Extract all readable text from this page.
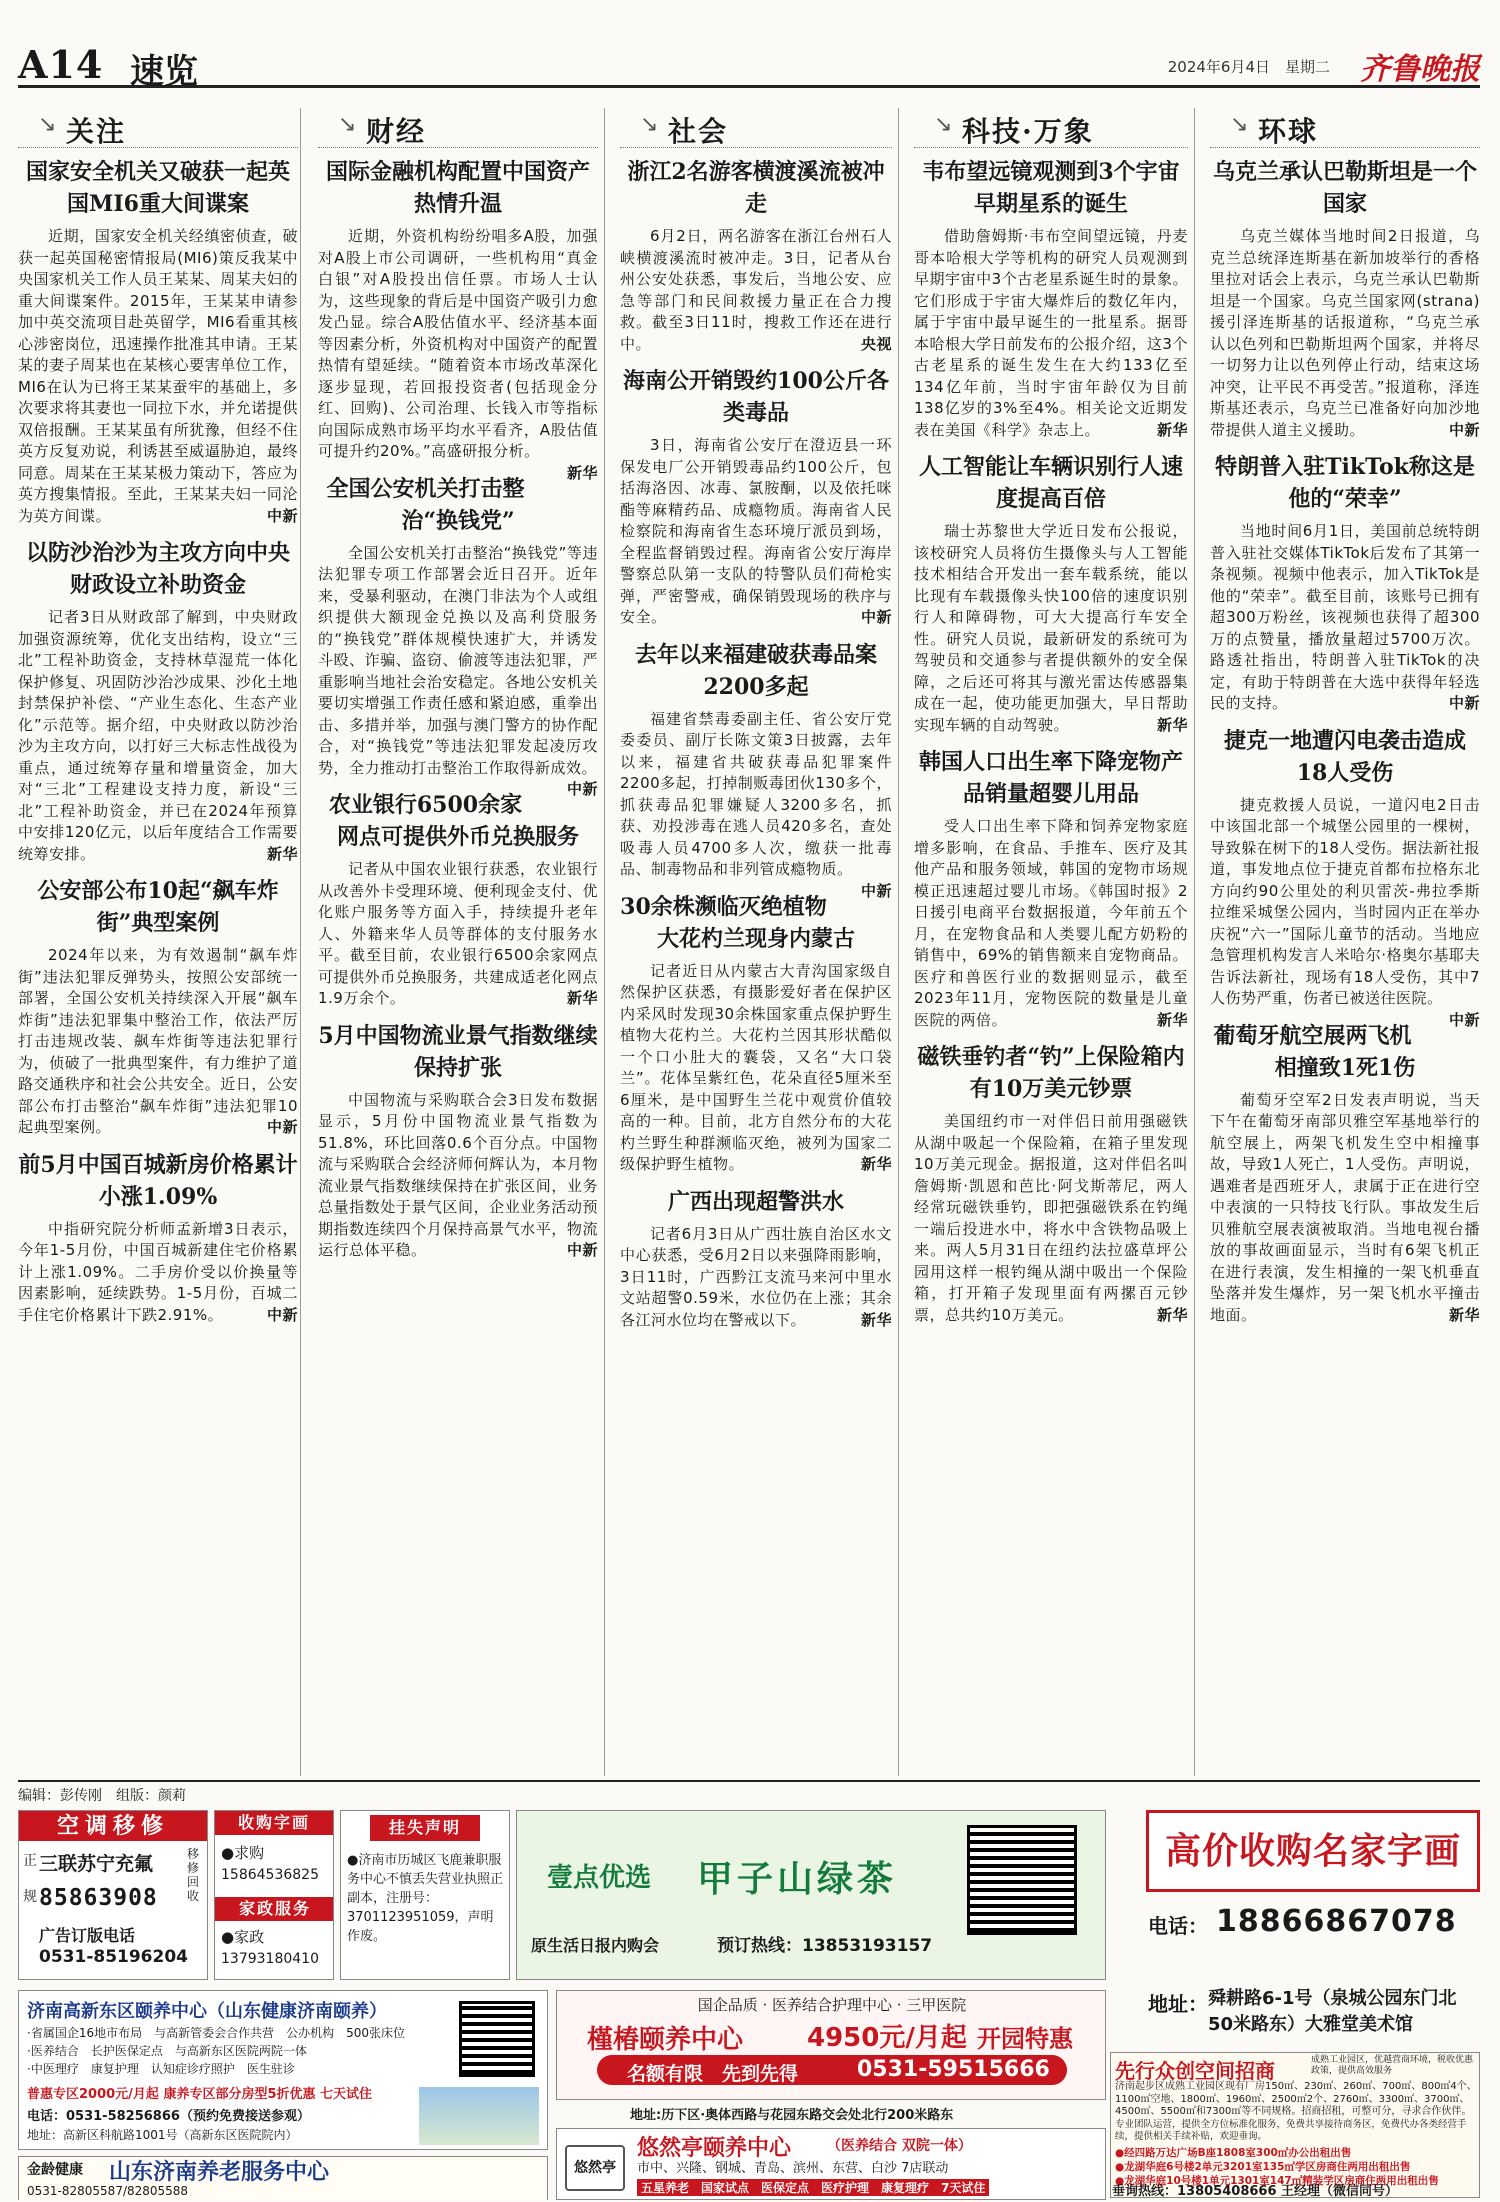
A14 速览	2024年6月4日　星期二 齐鲁晚报
↘ 关注
国家安全机关又破获一起英国MI6重大间谍案

近期，国家安全机关经缜密侦查，破获一起英国秘密情报局(MI6)策反我某中央国家机关工作人员王某某、周某夫妇的重大间谍案件。2015年，王某某申请参加中英交流项目赴英留学，MI6看重其核心涉密岗位，迅速操作批准其申请。王某某的妻子周某也在某核心要害单位工作，MI6在认为已将王某某蚕牢的基础上，多次要求将其妻也一同拉下水，并允诺提供双倍报酬。王某某虽有所犹豫，但经不住英方反复劝说，利诱甚至威逼胁迫，最终同意。周某在王某某极力策动下，答应为英方搜集情报。至此，王某某夫妇一同沦为英方间谍。	中新

以防沙治沙为主攻方向中央财政设立补助资金

记者3日从财政部了解到，中央财政加强资源统筹，优化支出结构，设立“三北”工程补助资金，支持林草湿荒一体化保护修复、巩固防沙治沙成果、沙化土地封禁保护补偿、“产业生态化、生态产业化”示范等。据介绍，中央财政以防沙治沙为主攻方向，以打好三大标志性战役为重点，通过统筹存量和增量资金，加大对“三北”工程建设支持力度，新设“三北”工程补助资金，并已在2024年预算中安排120亿元，以后年度结合工作需要统筹安排。	新华

公安部公布10起“飙车炸街”典型案例

2024年以来，为有效遏制“飙车炸街”违法犯罪反弹势头，按照公安部统一部署，全国公安机关持续深入开展“飙车炸街”违法犯罪集中整治工作，依法严厉打击违规改装、飙车炸街等违法犯罪行为，侦破了一批典型案件，有力维护了道路交通秩序和社会公共安全。近日，公安部公布打击整治“飙车炸街”违法犯罪10起典型案例。	中新

前5月中国百城新房价格累计小涨1.09%

中指研究院分析师孟新增3日表示，今年1-5月份，中国百城新建住宅价格累计上涨1.09%。二手房价受以价换量等因素影响，延续跌势。1-5月份，百城二手住宅价格累计下跌2.91%。	中新

↘ 财经
国际金融机构配置中国资产热情升温

近期，外资机构纷纷唱多A股，加强对A股上市公司调研，一些机构用“真金白银”对A股投出信任票。市场人士认为，这些现象的背后是中国资产吸引力愈发凸显。综合A股估值水平、经济基本面等因素分析，外资机构对中国资产的配置热情有望延续。“随着资本市场改革深化逐步显现，若回报投资者(包括现金分红、回购)、公司治理、长钱入市等指标向国际成熟市场平均水平看齐，A股估值可提升约20%。”高盛研报分析。
新华

全国公安机关打击整治“换钱党”

全国公安机关打击整治“换钱党”等违法犯罪专项工作部署会近日召开。近年来，受暴利驱动，在澳门非法为个人或组织提供大额现金兑换以及高利贷服务的“换钱党”群体规模快速扩大，并诱发斗殴、诈骗、盗窃、偷渡等违法犯罪，严重影响当地社会治安稳定。各地公安机关要切实增强工作责任感和紧迫感，重拳出击、多措并举，加强与澳门警方的协作配合，对“换钱党”等违法犯罪发起凌厉攻势，全力推动打击整治工作取得新成效。
中新

农业银行6500余家网点可提供外币兑换服务

记者从中国农业银行获悉，农业银行从改善外卡受理环境、便利现金支付、优化账户服务等方面入手，持续提升老年人、外籍来华人员等群体的支付服务水平。截至目前，农业银行6500余家网点可提供外币兑换服务，共建成适老化网点1.9万余个。	新华

5月中国物流业景气指数继续保持扩张

中国物流与采购联合会3日发布数据显示，5月份中国物流业景气指数为51.8%，环比回落0.6个百分点。中国物流与采购联合会经济师何辉认为，本月物流业景气指数继续保持在扩张区间，业务总量指数处于景气区间，企业业务活动预期指数连续四个月保持高景气水平，物流运行总体平稳。	中新

↘ 社会
浙江2名游客横渡溪流被冲走

6月2日，两名游客在浙江台州石人峡横渡溪流时被冲走。3日，记者从台州公安处获悉，事发后，当地公安、应急等部门和民间救援力量正在合力搜救。截至3日11时，搜救工作还在进行中。	央视

海南公开销毁约100公斤各类毒品

3日，海南省公安厅在澄迈县一环保发电厂公开销毁毒品约100公斤，包括海洛因、冰毒、氯胺酮，以及依托咪酯等麻精药品、成瘾物质。海南省人民检察院和海南省生态环境厅派员到场，全程监督销毁过程。海南省公安厅海岸警察总队第一支队的特警队员们荷枪实弹，严密警戒，确保销毁现场的秩序与安全。	中新

去年以来福建破获毒品案2200多起

福建省禁毒委副主任、省公安厅党委委员、副厅长陈文策3日披露，去年以来，福建省共破获毒品犯罪案件2200多起，打掉制贩毒团伙130多个，抓获毒品犯罪嫌疑人3200多名，抓获、劝投涉毒在逃人员420多名，查处吸毒人员4700多人次，缴获一批毒品、制毒物品和非列管成瘾物质。
中新

30余株濒临灭绝植物大花杓兰现身内蒙古

记者近日从内蒙古大青沟国家级自然保护区获悉，有摄影爱好者在保护区内采风时发现30余株国家重点保护野生植物大花杓兰。大花杓兰因其形状酷似一个口小肚大的囊袋，又名“大口袋兰”。花体呈紫红色，花朵直径5厘米至6厘米，是中国野生兰花中观赏价值较高的一种。目前，北方自然分布的大花杓兰野生种群濒临灭绝，被列为国家二级保护野生植物。	新华

广西出现超警洪水

记者6月3日从广西壮族自治区水文中心获悉，受6月2日以来强降雨影响，3日11时，广西黔江支流马来河中里水文站超警0.59米，水位仍在上涨；其余各江河水位均在警戒以下。	新华

↘ 科技·万象
韦布望远镜观测到3个宇宙早期星系的诞生

借助詹姆斯·韦布空间望远镜，丹麦哥本哈根大学等机构的研究人员观测到早期宇宙中3个古老星系诞生时的景象。它们形成于宇宙大爆炸后的数亿年内，属于宇宙中最早诞生的一批星系。据哥本哈根大学日前发布的公报介绍，这3个古老星系的诞生发生在大约133亿至134亿年前，当时宇宙年龄仅为目前138亿岁的3%至4%。相关论文近期发表在美国《科学》杂志上。	新华

人工智能让车辆识别行人速度提高百倍

瑞士苏黎世大学近日发布公报说，该校研究人员将仿生摄像头与人工智能技术相结合开发出一套车载系统，能以比现有车载摄像头快100倍的速度识别行人和障碍物，可大大提高行车安全性。研究人员说，最新研发的系统可为驾驶员和交通参与者提供额外的安全保障，之后还可将其与激光雷达传感器集成在一起，使功能更加强大，早日帮助实现车辆的自动驾驶。	新华

韩国人口出生率下降宠物产品销量超婴儿用品

受人口出生率下降和饲养宠物家庭增多影响，在食品、手推车、医疗及其他产品和服务领域，韩国的宠物市场规模正迅速超过婴儿市场。《韩国时报》2日援引电商平台数据报道，今年前五个月，在宠物食品和人类婴儿配方奶粉的销售中，69%的销售额来自宠物商品。医疗和兽医行业的数据则显示，截至2023年11月，宠物医院的数量是儿童医院的两倍。	新华

磁铁垂钓者“钓”上保险箱内有10万美元钞票

美国纽约市一对伴侣日前用强磁铁从湖中吸起一个保险箱，在箱子里发现10万美元现金。据报道，这对伴侣名叫詹姆斯·凯恩和芭比·阿戈斯蒂尼，两人经常玩磁铁垂钓，即把强磁铁系在钓绳一端后投进水中，将水中含铁物品吸上来。两人5月31日在纽约法拉盛草坪公园用这样一根钓绳从湖中吸出一个保险箱，打开箱子发现里面有两摞百元钞票，总共约10万美元。	新华

↘ 环球
乌克兰承认巴勒斯坦是一个国家

乌克兰媒体当地时间2日报道，乌克兰总统泽连斯基在新加坡举行的香格里拉对话会上表示，乌克兰承认巴勒斯坦是一个国家。乌克兰国家网(strana)援引泽连斯基的话报道称，“乌克兰承认以色列和巴勒斯坦两个国家，并将尽一切努力让以色列停止行动，结束这场冲突，让平民不再受苦。”报道称，泽连斯基还表示，乌克兰已准备好向加沙地带提供人道主义援助。	中新

特朗普入驻TikTok称这是他的“荣幸”

当地时间6月1日，美国前总统特朗普入驻社交媒体TikTok后发布了其第一条视频。视频中他表示，加入TikTok是他的“荣幸”。截至目前，该账号已拥有超300万粉丝，该视频也获得了超300万的点赞量，播放量超过5700万次。路透社指出，特朗普入驻TikTok的决定，有助于特朗普在大选中获得年轻选民的支持。	中新

捷克一地遭闪电袭击造成18人受伤

捷克救援人员说，一道闪电2日击中该国北部一个城堡公园里的一棵树，导致躲在树下的18人受伤。据法新社报道，事发地点位于捷克首都布拉格东北方向约90公里处的利贝雷茨-弗拉季斯拉维采城堡公园内，当时园内正在举办庆祝“六一”国际儿童节的活动。当地应急管理机构发言人米哈尔·格奥尔基耶夫告诉法新社，现场有18人受伤，其中7人伤势严重，伤者已被送往医院。
中新

葡萄牙航空展两飞机相撞致1死1伤

葡萄牙空军2日发表声明说，当天下午在葡萄牙南部贝雅空军基地举行的航空展上，两架飞机发生空中相撞事故，导致1人死亡，1人受伤。声明说，遇难者是西班牙人，隶属于正在进行空中表演的一只特技飞行队。事故发生后贝雅航空展表演被取消。当地电视台播放的事故画面显示，当时有6架飞机正在进行表演，发生相撞的一架飞机垂直坠落并发生爆炸，另一架飞机水平撞击地面。	新华

编辑：彭传刚　组版：颜莉
空调移修
正
规
三联苏宁充氟	移修回收
85863908
广告订版电话
0531-85196204
收购字画
●求购
15864536825
家政服务
●家政
13793180410
挂失声明
●济南市历城区飞鹿兼职服务中心不慎丢失营业执照正副本，注册号：370112395105​9，声明作废。
壹点优选 甲子山绿茶
原生活日报内购会	预订热线：13853193157
高价收购名家字画
电话： 18866867078
地址： 舜耕路6-1号（泉城公园东门北50米路东）大雅堂美术馆
济南高新东区颐养中心（山东健康济南颐养）
·省属国企16地市布局　与高新管委会合作共营　公办机构　500张床位
·医养结合　长护医保定点　与高新东区医院两院一体
·中医理疗　康复护理　认知症诊疗照护　医生驻诊
普惠专区2000元/月起 康养专区部分房型5折优惠 七天试住
电话：0531-58256866（预约免费接送参观）
地址：高新区科航路1001号（高新东区医院院内）
国企品质 · 医养结合护理中心 · 三甲医院
槿椿颐养中心 4950元/月起 开园特惠
名额有限　先到先得	0531-59515666
地址:历下区·奥体西路与花园东路交会处北行200米路东
先行众创空间招商	成熟工业园区，优越营商环境，税收优惠政策，提供高效服务
济南起步区成熟工业园区现有厂房150㎡、230㎡、260㎡、700㎡、800㎡4个、1100㎡空地、1800㎡、1960㎡、2500㎡2个、2760㎡、3300㎡、3700㎡、4500㎡、5500㎡和7300㎡等不同规格。招商招租，可整可分，寻求合作伙伴。
专业团队运营，提供全方位标准化服务，免费共享接待商务区，免费代办各类经营手续，提供相关手续补贴，欢迎垂询。
●经四路万达广场B座1808室300㎡办公出租出售
●龙湖华庭6号楼2单元3201室135㎡学区房商住两用出租出售
●龙湖华庭10号楼1单元1301室147㎡精装学区房商住两用出租出售
垂询热线：13805408666 王经理（微信同号）
金龄健康 山东济南养老服务中心
0531-82805587/82805588
悠然亭
悠然亭颐养中心	（医养结合 双院一体）
市中、兴隆、钢城、青岛、滨州、东营、白沙 7店联动
五星养老　国家试点　医保定点　医疗护理　康复理疗　7天试住
